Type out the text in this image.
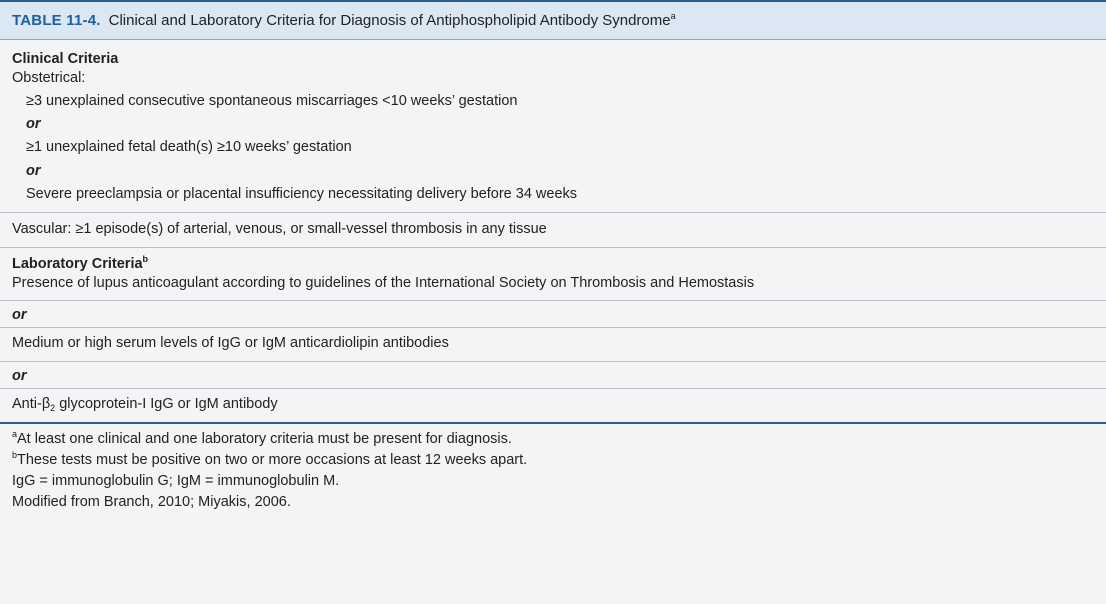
TABLE 11-4. Clinical and Laboratory Criteria for Diagnosis of Antiphospholipid Antibody Syndrome$^a$
Clinical Criteria
Obstetrical:
≥3 unexplained consecutive spontaneous miscarriages <10 weeks’ gestation
or
≥1 unexplained fetal death(s) ≥10 weeks’ gestation
or
Severe preeclampsia or placental insufficiency necessitating delivery before 34 weeks
Vascular: ≥1 episode(s) of arterial, venous, or small-vessel thrombosis in any tissue
Laboratory Criteria$^b$
Presence of lupus anticoagulant according to guidelines of the International Society on Thrombosis and Hemostasis
or
Medium or high serum levels of IgG or IgM anticardiolipin antibodies
or
Anti-$\beta_2$ glycoprotein-I IgG or IgM antibody
$^a$At least one clinical and one laboratory criteria must be present for diagnosis.
$^b$These tests must be positive on two or more occasions at least 12 weeks apart.
IgG = immunoglobulin G; IgM = immunoglobulin M.
Modified from Branch, 2010; Miyakis, 2006.
